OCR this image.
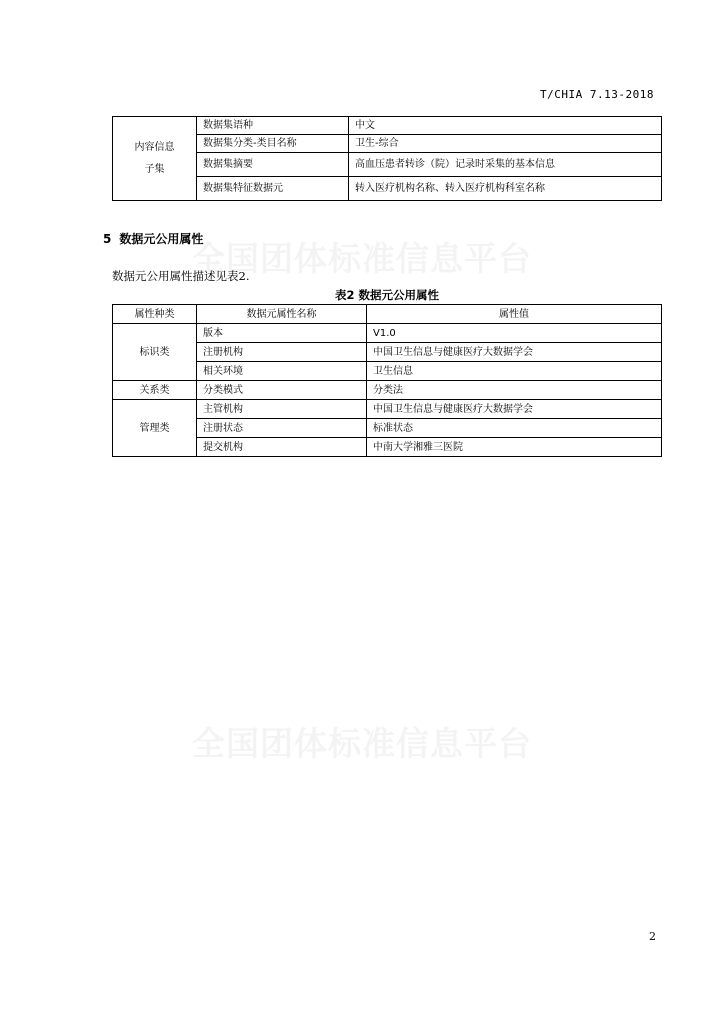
T/CHIA 7.13-2018
全国团体标准信息平台
全国团体标准信息平台
内容信息
子集	数据集语种	中文
	数据集分类-类目名称	卫生-综合
	数据集摘要	高血压患者转诊（院）记录时采集的基本信息
	数据集特征数据元	转入医疗机构名称、转入医疗机构科室名称
5 数据元公用属性
数据元公用属性描述见表2.
表2 数据元公用属性
属性种类	数据元属性名称	属性值
标识类	版本	V1.0
	注册机构	中国卫生信息与健康医疗大数据学会
	相关环境	卫生信息
关系类	分类模式	分类法
管理类	主管机构	中国卫生信息与健康医疗大数据学会
	注册状态	标准状态
	提交机构	中南大学湘雅三医院
2
